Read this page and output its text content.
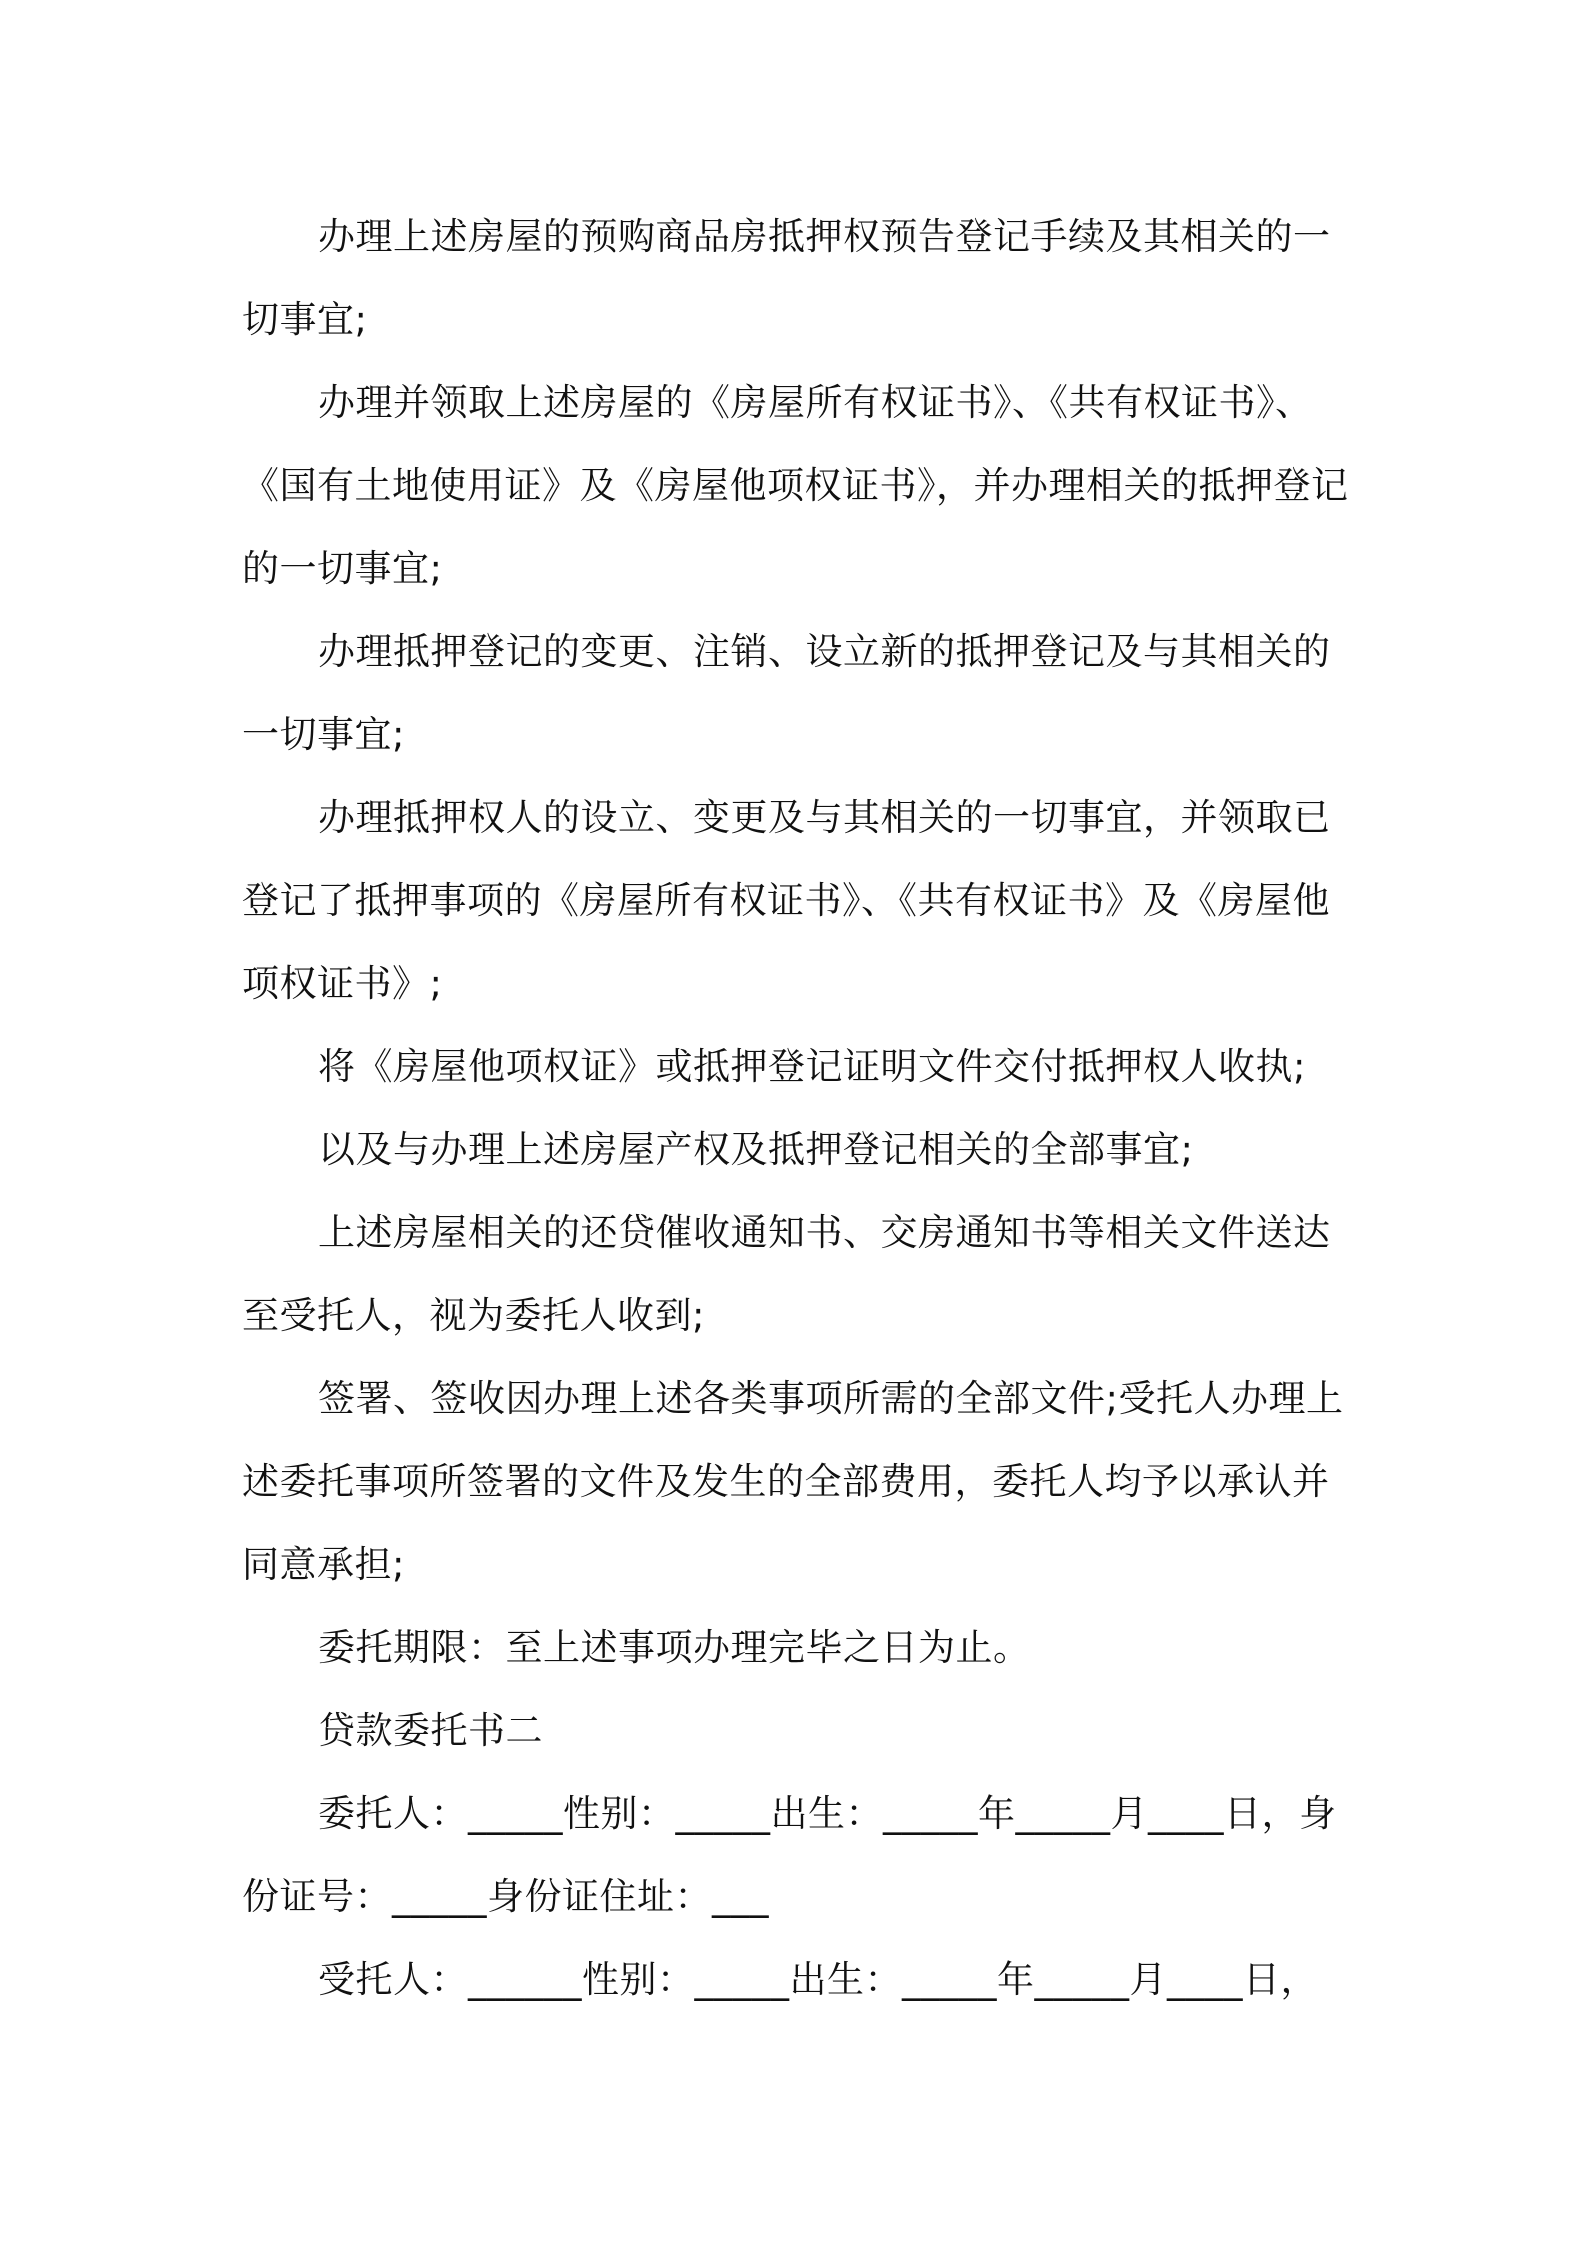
办理上述房屋的预购商品房抵押权预告登记手续及其相关的一切事宜;

办理并领取上述房屋的《房屋所有权证书》、《共有权证书》、《国有土地使用证》及《房屋他项权证书》，并办理相关的抵押登记的一切事宜;

办理抵押登记的变更、注销、设立新的抵押登记及与其相关的一切事宜;

办理抵押权人的设立、变更及与其相关的一切事宜，并领取已登记了抵押事项的《房屋所有权证书》、《共有权证书》及《房屋他项权证书》;

将《房屋他项权证》或抵押登记证明文件交付抵押权人收执;

以及与办理上述房屋产权及抵押登记相关的全部事宜;

上述房屋相关的还贷催收通知书、交房通知书等相关文件送达至受托人，视为委托人收到;

签署、签收因办理上述各类事项所需的全部文件;受托人办理上述委托事项所签署的文件及发生的全部费用，委托人均予以承认并同意承担;

委托期限：至上述事项办理完毕之日为止。

贷款委托书二

委托人：_____性别：_____出生：_____年_____月____日，身份证号：_____身份证住址：___

受托人：______性别：_____出生：_____年_____月____日，
